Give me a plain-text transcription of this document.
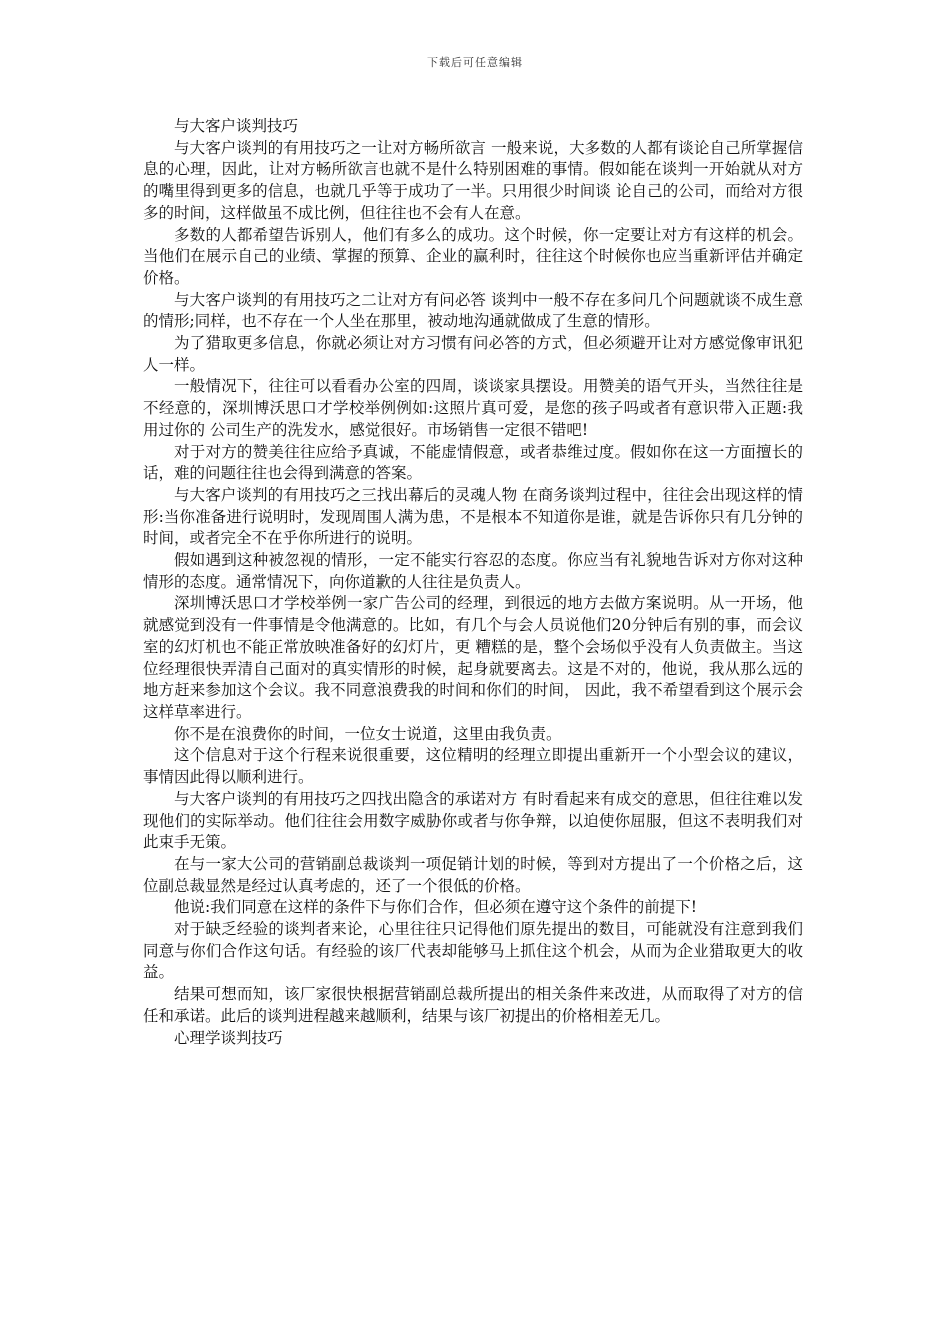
下载后可任意编辑

与大客户谈判技巧

与大客户谈判的有用技巧之一让对方畅所欲言 一般来说，大多数的人都有谈论自己所掌握信息的心理，因此，让对方畅所欲言也就不是什么特别困难的事情。假如能在谈判一开始就从对方的嘴里得到更多的信息，也就几乎等于成功了一半。只用很少时间谈 论自己的公司，而给对方很多的时间，这样做虽不成比例，但往往也不会有人在意。

多数的人都希望告诉别人，他们有多么的成功。这个时候，你一定要让对方有这样的机会。当他们在展示自己的业绩、掌握的预算、企业的赢利时，往往这个时候你也应当重新评估并确定价格。

与大客户谈判的有用技巧之二让对方有问必答 谈判中一般不存在多问几个问题就谈不成生意的情形;同样，也不存在一个人坐在那里，被动地沟通就做成了生意的情形。

为了猎取更多信息，你就必须让对方习惯有问必答的方式，但必须避开让对方感觉像审讯犯人一样。

一般情况下，往往可以看看办公室的四周，谈谈家具摆设。用赞美的语气开头，当然往往是不经意的，深圳博沃思口才学校举例例如:这照片真可爱，是您的孩子吗或者有意识带入正题:我用过你的 公司生产的洗发水，感觉很好。市场销售一定很不错吧!

对于对方的赞美往往应给予真诚，不能虚情假意，或者恭维过度。假如你在这一方面擅长的话，难的问题往往也会得到满意的答案。

与大客户谈判的有用技巧之三找出幕后的灵魂人物 在商务谈判过程中，往往会出现这样的情形:当你准备进行说明时，发现周围人满为患，不是根本不知道你是谁，就是告诉你只有几分钟的时间，或者完全不在乎你所进行的说明。

假如遇到这种被忽视的情形，一定不能实行容忍的态度。你应当有礼貌地告诉对方你对这种情形的态度。通常情况下，向你道歉的人往往是负责人。

深圳博沃思口才学校举例一家广告公司的经理，到很远的地方去做方案说明。从一开场，他就感觉到没有一件事情是令他满意的。比如，有几个与会人员说他们20分钟后有别的事，而会议室的幻灯机也不能正常放映准备好的幻灯片，更 糟糕的是，整个会场似乎没有人负责做主。当这位经理很快弄清自己面对的真实情形的时候，起身就要离去。这是不对的，他说，我从那么远的地方赶来参加这个会议。我不同意浪费我的时间和你们的时间， 因此，我不希望看到这个展示会这样草率进行。

你不是在浪费你的时间，一位女士说道，这里由我负责。

这个信息对于这个行程来说很重要，这位精明的经理立即提出重新开一个小型会议的建议，事情因此得以顺利进行。

与大客户谈判的有用技巧之四找出隐含的承诺对方 有时看起来有成交的意思，但往往难以发现他们的实际举动。他们往往会用数字威胁你或者与你争辩，以迫使你屈服，但这不表明我们对此束手无策。

在与一家大公司的营销副总裁谈判一项促销计划的时候，等到对方提出了一个价格之后，这位副总裁显然是经过认真考虑的，还了一个很低的价格。

他说:我们同意在这样的条件下与你们合作，但必须在遵守这个条件的前提下!

对于缺乏经验的谈判者来论，心里往往只记得他们原先提出的数目，可能就没有注意到我们同意与你们合作这句话。有经验的该厂代表却能够马上抓住这个机会，从而为企业猎取更大的收益。

结果可想而知，该厂家很快根据营销副总裁所提出的相关条件来改进，从而取得了对方的信任和承诺。此后的谈判进程越来越顺利，结果与该厂初提出的价格相差无几。

心理学谈判技巧
